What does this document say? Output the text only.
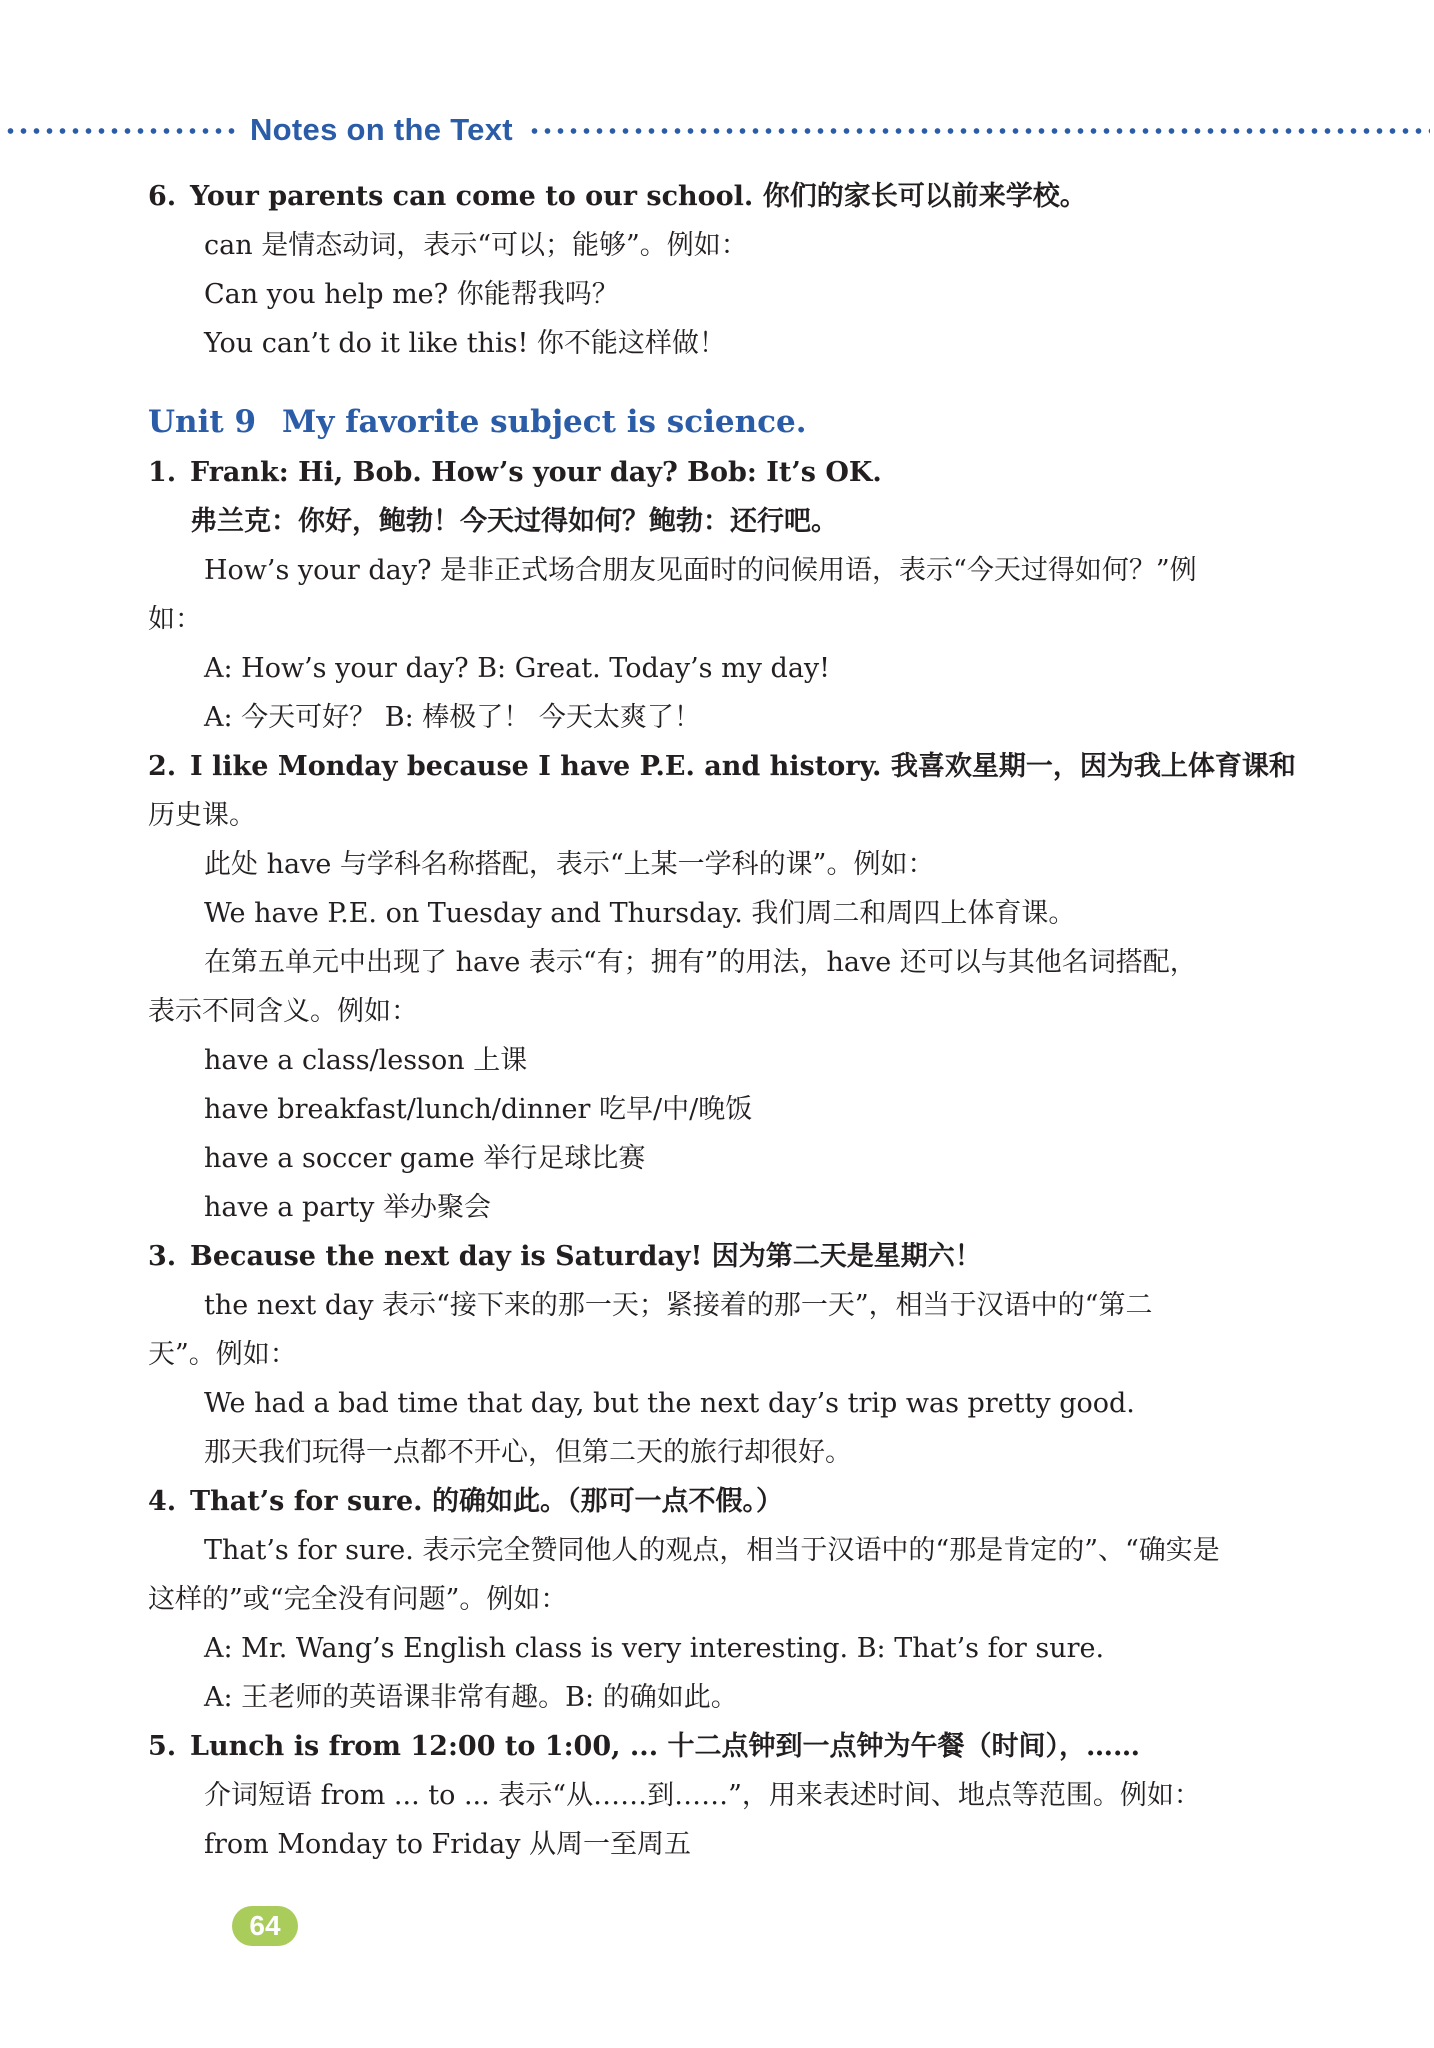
Notes on the Text
6. Your parents can come to our school. 你们的家长可以前来学校。
can 是情态动词，表示“可以；能够”。例如：
Can you help me? 你能帮我吗？
You can’t do it like this! 你不能这样做！
Unit 9 My favorite subject is science.
1. Frank: Hi, Bob. How’s your day? Bob: It’s OK.
弗兰克：你好，鲍勃！今天过得如何？鲍勃：还行吧。
How’s your day? 是非正式场合朋友见面时的问候用语，表示“今天过得如何？”例
如：
A: How’s your day? B: Great. Today’s my day!
A: 今天可好？ B: 棒极了！ 今天太爽了！
2. I like Monday because I have P.E. and history. 我喜欢星期一，因为我上体育课和
历史课。
此处 have 与学科名称搭配，表示“上某一学科的课”。例如：
We have P.E. on Tuesday and Thursday. 我们周二和周四上体育课。
在第五单元中出现了 have 表示“有；拥有”的用法，have 还可以与其他名词搭配，
表示不同含义。例如：
have a class/lesson 上课
have breakfast/lunch/dinner 吃早/中/晚饭
have a soccer game 举行足球比赛
have a party 举办聚会
3. Because the next day is Saturday! 因为第二天是星期六！
the next day 表示“接下来的那一天；紧接着的那一天”，相当于汉语中的“第二
天”。例如：
We had a bad time that day, but the next day’s trip was pretty good.
那天我们玩得一点都不开心，但第二天的旅行却很好。
4. That’s for sure. 的确如此。（那可一点不假。）
That’s for sure. 表示完全赞同他人的观点，相当于汉语中的“那是肯定的”、“确实是
这样的”或“完全没有问题”。例如：
A: Mr. Wang’s English class is very interesting. B: That’s for sure.
A: 王老师的英语课非常有趣。B: 的确如此。
5. Lunch is from 12:00 to 1:00, ... 十二点钟到一点钟为午餐（时间），……
介词短语 from ... to ... 表示“从……到……”，用来表述时间、地点等范围。例如：
from Monday to Friday 从周一至周五
64
